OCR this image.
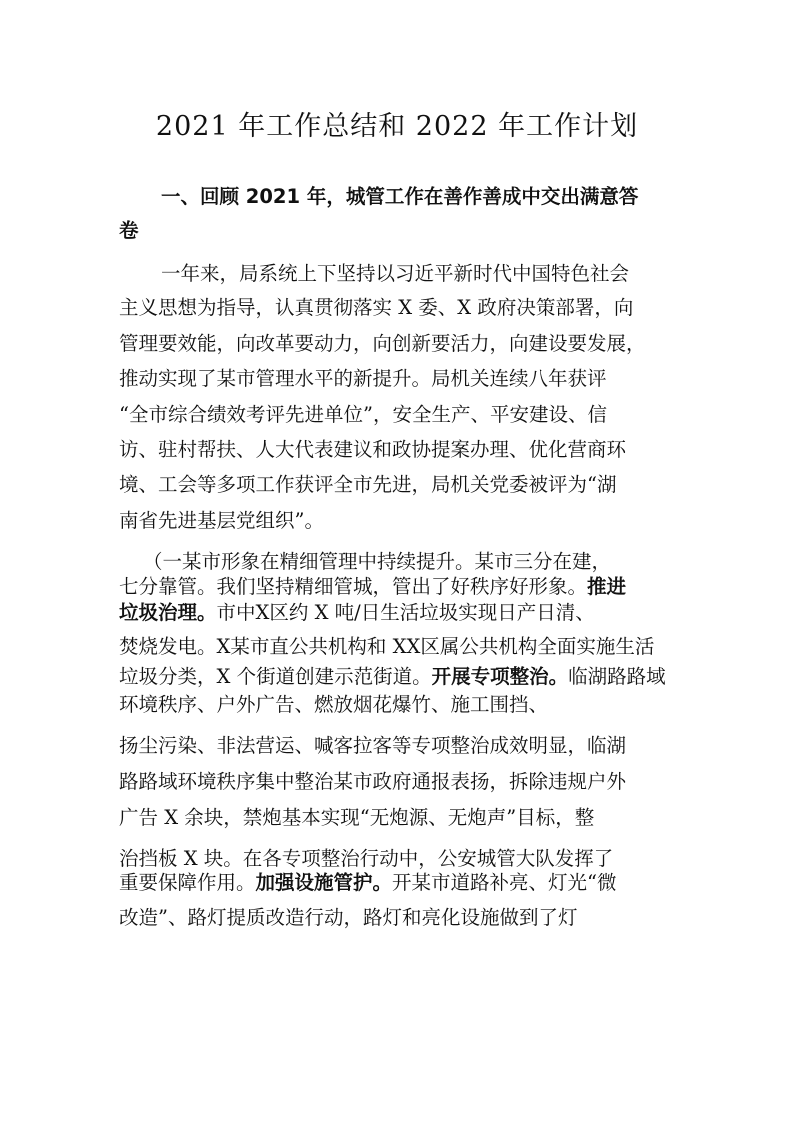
2021 年工作总结和 2022 年工作计划
一、回顾 2021 年，城管工作在善作善成中交出满意答
卷
一年来，局系统上下坚持以习近平新时代中国特色社会
主义思想为指导，认真贯彻落实 X 委、X 政府决策部署，向
管理要效能，向改革要动力，向创新要活力，向建设要发展，
推动实现了某市管理水平的新提升。局机关连续八年获评
“全市综合绩效考评先进单位”，安全生产、平安建设、信
访、驻村帮扶、人大代表建议和政协提案办理、优化营商环
境、工会等多项工作获评全市先进，局机关党委被评为“湖
南省先进基层党组织”。
（一某市形象在精细管理中持续提升。某市三分在建，
七分靠管。我们坚持精细管城，管出了好秩序好形象。推进
垃圾治理。市中X区约 X 吨/日生活垃圾实现日产日清、
焚烧发电。X某市直公共机构和 XX区属公共机构全面实施生活
垃圾分类，X 个街道创建示范街道。开展专项整治。临湖路路域
环境秩序、户外广告、燃放烟花爆竹、施工围挡、
扬尘污染、非法营运、喊客拉客等专项整治成效明显，临湖
路路域环境秩序集中整治某市政府通报表扬，拆除违规户外
广告 X 余块，禁炮基本实现“无炮源、无炮声”目标，整
治挡板 X 块。在各专项整治行动中，公安城管大队发挥了
重要保障作用。加强设施管护。开某市道路补亮、灯光“微
改造”、路灯提质改造行动，路灯和亮化设施做到了灯
